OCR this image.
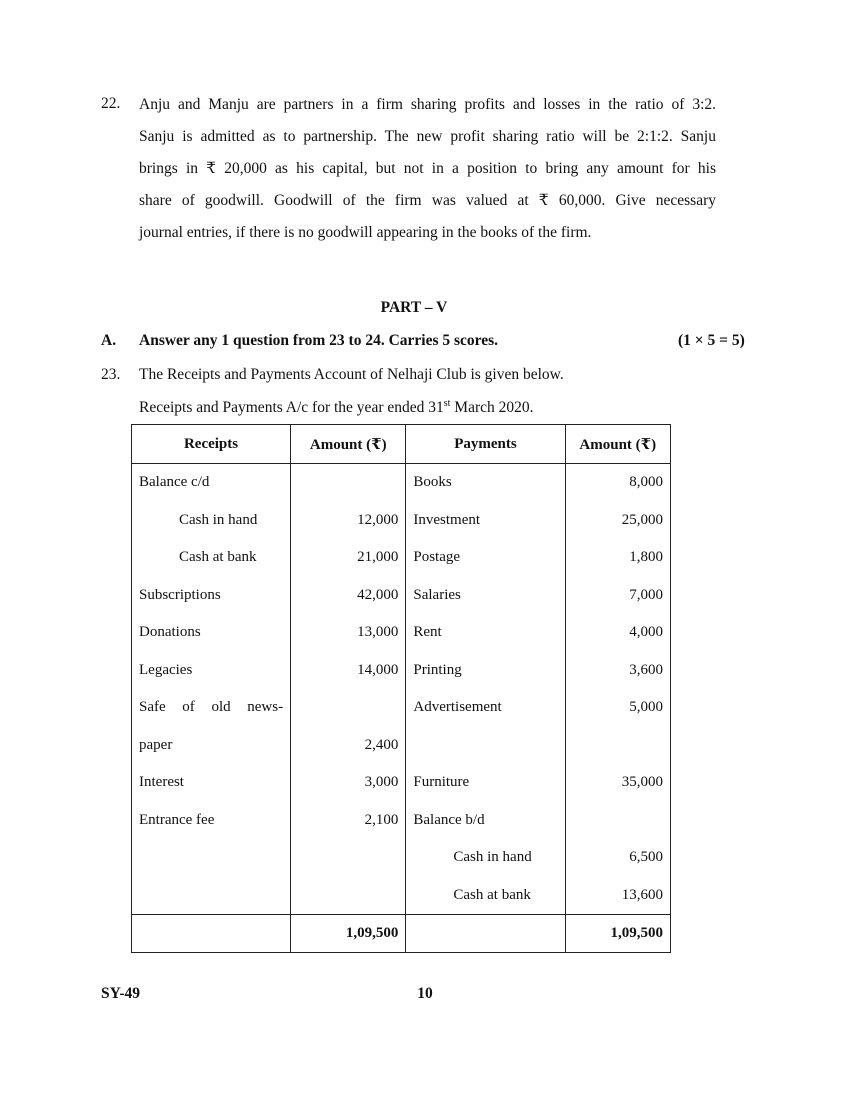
22. Anju and Manju are partners in a firm sharing profits and losses in the ratio of 3:2.
Sanju is admitted as to partnership. The new profit sharing ratio will be 2:1:2. Sanju
brings in ₹ 20,000 as his capital, but not in a position to bring any amount for his
share of goodwill. Goodwill of the firm was valued at ₹ 60,000. Give necessary
journal entries, if there is no goodwill appearing in the books of the firm.
PART – V
A. Answer any 1 question from 23 to 24. Carries 5 scores.	(1 × 5 = 5)
23. The Receipts and Payments Account of Nelhaji Club is given below.
Receipts and Payments A/c for the year ended 31st March 2020.
Receipts	Amount (₹)	Payments	Amount (₹)
Balance c/d		Books	8,000
Cash in hand	12,000	Investment	25,000
Cash at bank	21,000	Postage	1,800
Subscriptions	42,000	Salaries	7,000
Donations	13,000	Rent	4,000
Legacies	14,000	Printing	3,600
Safe of old news-		Advertisement	5,000
paper	2,400		
Interest	3,000	Furniture	35,000
Entrance fee	2,100	Balance b/d	
		Cash in hand	6,500
		Cash at bank	13,600
	1,09,500		1,09,500
SY-49	10
